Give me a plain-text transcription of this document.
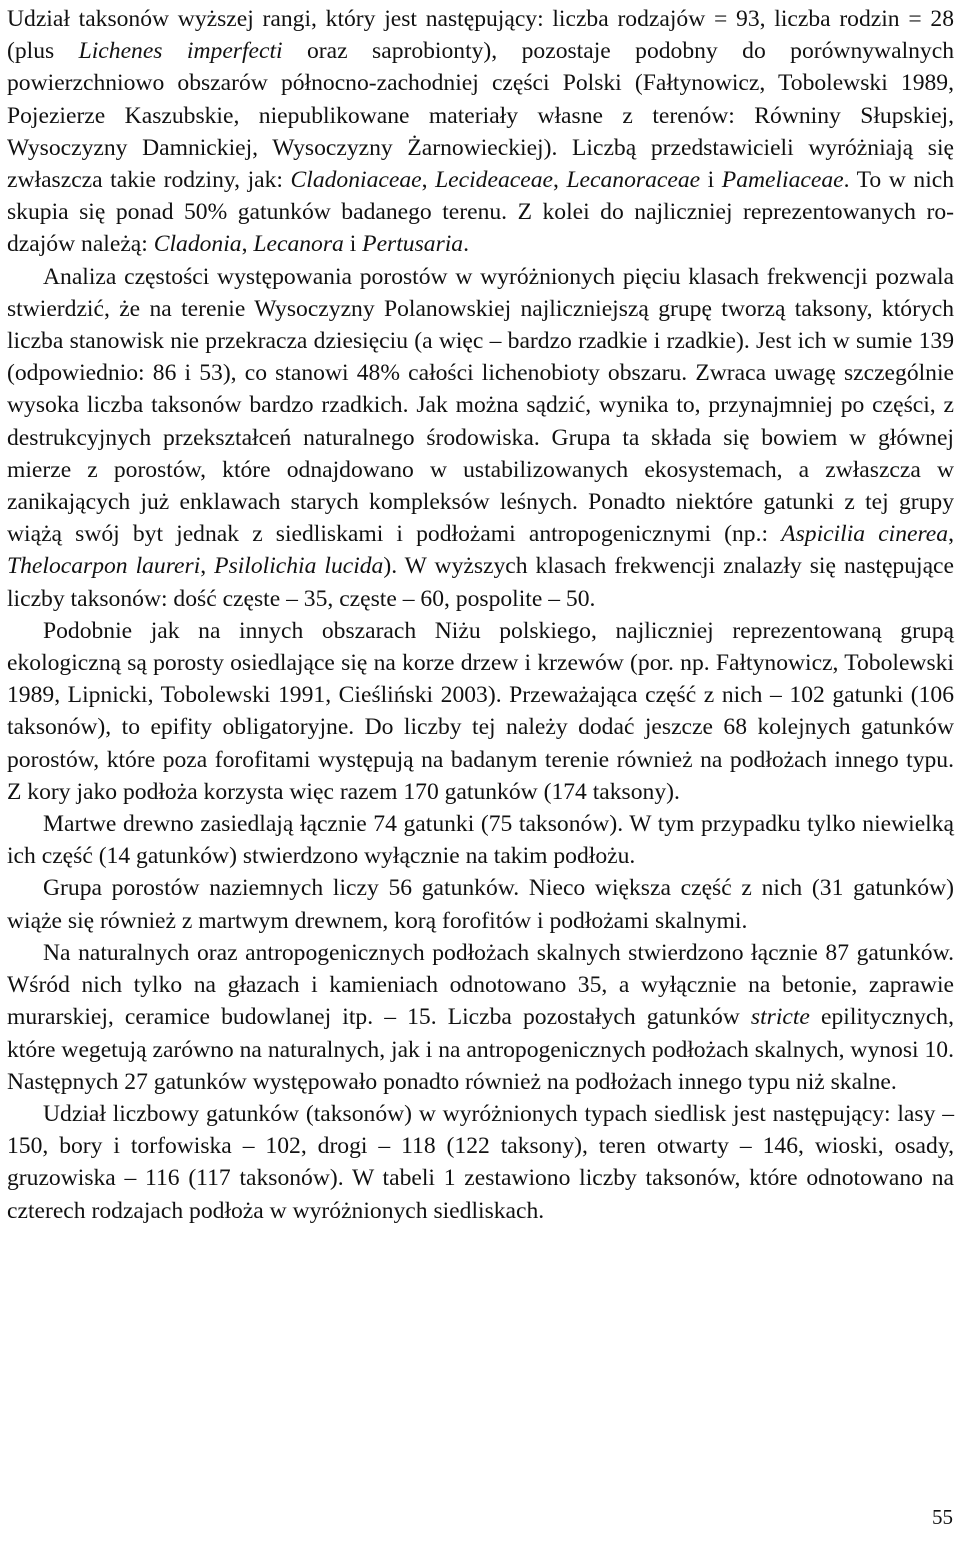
Udział taksonów wyższej rangi, który jest następujący: liczba rodzajów = 93, liczba rodzin = 28 (plus Lichenes imperfecti oraz saprobionty), pozostaje podobny do porównywalnych powierzchniowo obszarów północno-zachodniej części Polski (Fałtynowicz, Tobolewski 1989, Pojezierze Kaszubskie, niepublikowane materiały własne z terenów: Równiny Słupskiej, Wysoczyzny Damnickiej, Wysoczyzny Żarnowieckiej). Liczbą przedstawicieli wyróżniają się zwłaszcza takie rodziny, jak: Cladoniaceae, Lecideaceae, Lecanoraceae i Pameliaceae. To w nich skupia się ponad 50% gatunków badanego terenu. Z kolei do najliczniej reprezentowanych rodzajów należą: Cladonia, Lecanora i Pertusaria.

Analiza częstości występowania porostów w wyróżnionych pięciu klasach frekwencji pozwala stwierdzić, że na terenie Wysoczyzny Polanowskiej najliczniejszą grupę tworzą taksony, których liczba stanowisk nie przekracza dziesięciu (a więc – bardzo rzadkie i rzadkie). Jest ich w sumie 139 (odpowiednio: 86 i 53), co stanowi 48% całości lichenobioty obszaru. Zwraca uwagę szczególnie wysoka liczba taksonów bardzo rzadkich. Jak można sądzić, wynika to, przynajmniej po części, z destrukcyjnych przekształceń naturalnego środowiska. Grupa ta składa się bowiem w głównej mierze z porostów, które odnajdowano w ustabilizowanych ekosystemach, a zwłaszcza w zanikających już enklawach starych kompleksów leśnych. Ponadto niektóre gatunki z tej grupy wiążą swój byt jednak z siedliskami i podłożami antropogenicznymi (np.: Aspicilia cinerea, Thelocarpon laureri, Psilolichia lucida). W wyższych klasach frekwencji znalazły się następujące liczby taksonów: dość częste – 35, częste – 60, pospolite – 50.

Podobnie jak na innych obszarach Niżu polskiego, najliczniej reprezentowaną grupą ekologiczną są porosty osiedlające się na korze drzew i krzewów (por. np. Fałtynowicz, Tobolewski 1989, Lipnicki, Tobolewski 1991, Cieśliński 2003). Przeważająca część z nich – 102 gatunki (106 taksonów), to epifity obligatoryjne. Do liczby tej należy dodać jeszcze 68 kolejnych gatunków porostów, które poza forofitami występują na badanym terenie również na podłożach innego typu. Z kory jako podłoża korzysta więc razem 170 gatunków (174 taksony).

Martwe drewno zasiedlają łącznie 74 gatunki (75 taksonów). W tym przypadku tylko niewielką ich część (14 gatunków) stwierdzono wyłącznie na takim podłożu.

Grupa porostów naziemnych liczy 56 gatunków. Nieco większa część z nich (31 gatunków) wiąże się również z martwym drewnem, korą forofitów i podłożami skalnymi.

Na naturalnych oraz antropogenicznych podłożach skalnych stwierdzono łącznie 87 gatunków. Wśród nich tylko na głazach i kamieniach odnotowano 35, a wyłącznie na betonie, zaprawie murarskiej, ceramice budowlanej itp. – 15. Liczba pozostałych gatunków stricte epilitycznych, które wegetują zarówno na naturalnych, jak i na antropogenicznych podłożach skalnych, wynosi 10. Następnych 27 gatunków występowało ponadto również na podłożach innego typu niż skalne.

Udział liczbowy gatunków (taksonów) w wyróżnionych typach siedlisk jest następujący: lasy – 150, bory i torfowiska – 102, drogi – 118 (122 taksony), teren otwarty – 146, wioski, osady, gruzowiska – 116 (117 taksonów). W tabeli 1 zestawiono liczby taksonów, które odnotowano na czterech rodzajach podłoża w wyróżnionych siedliskach.

55
